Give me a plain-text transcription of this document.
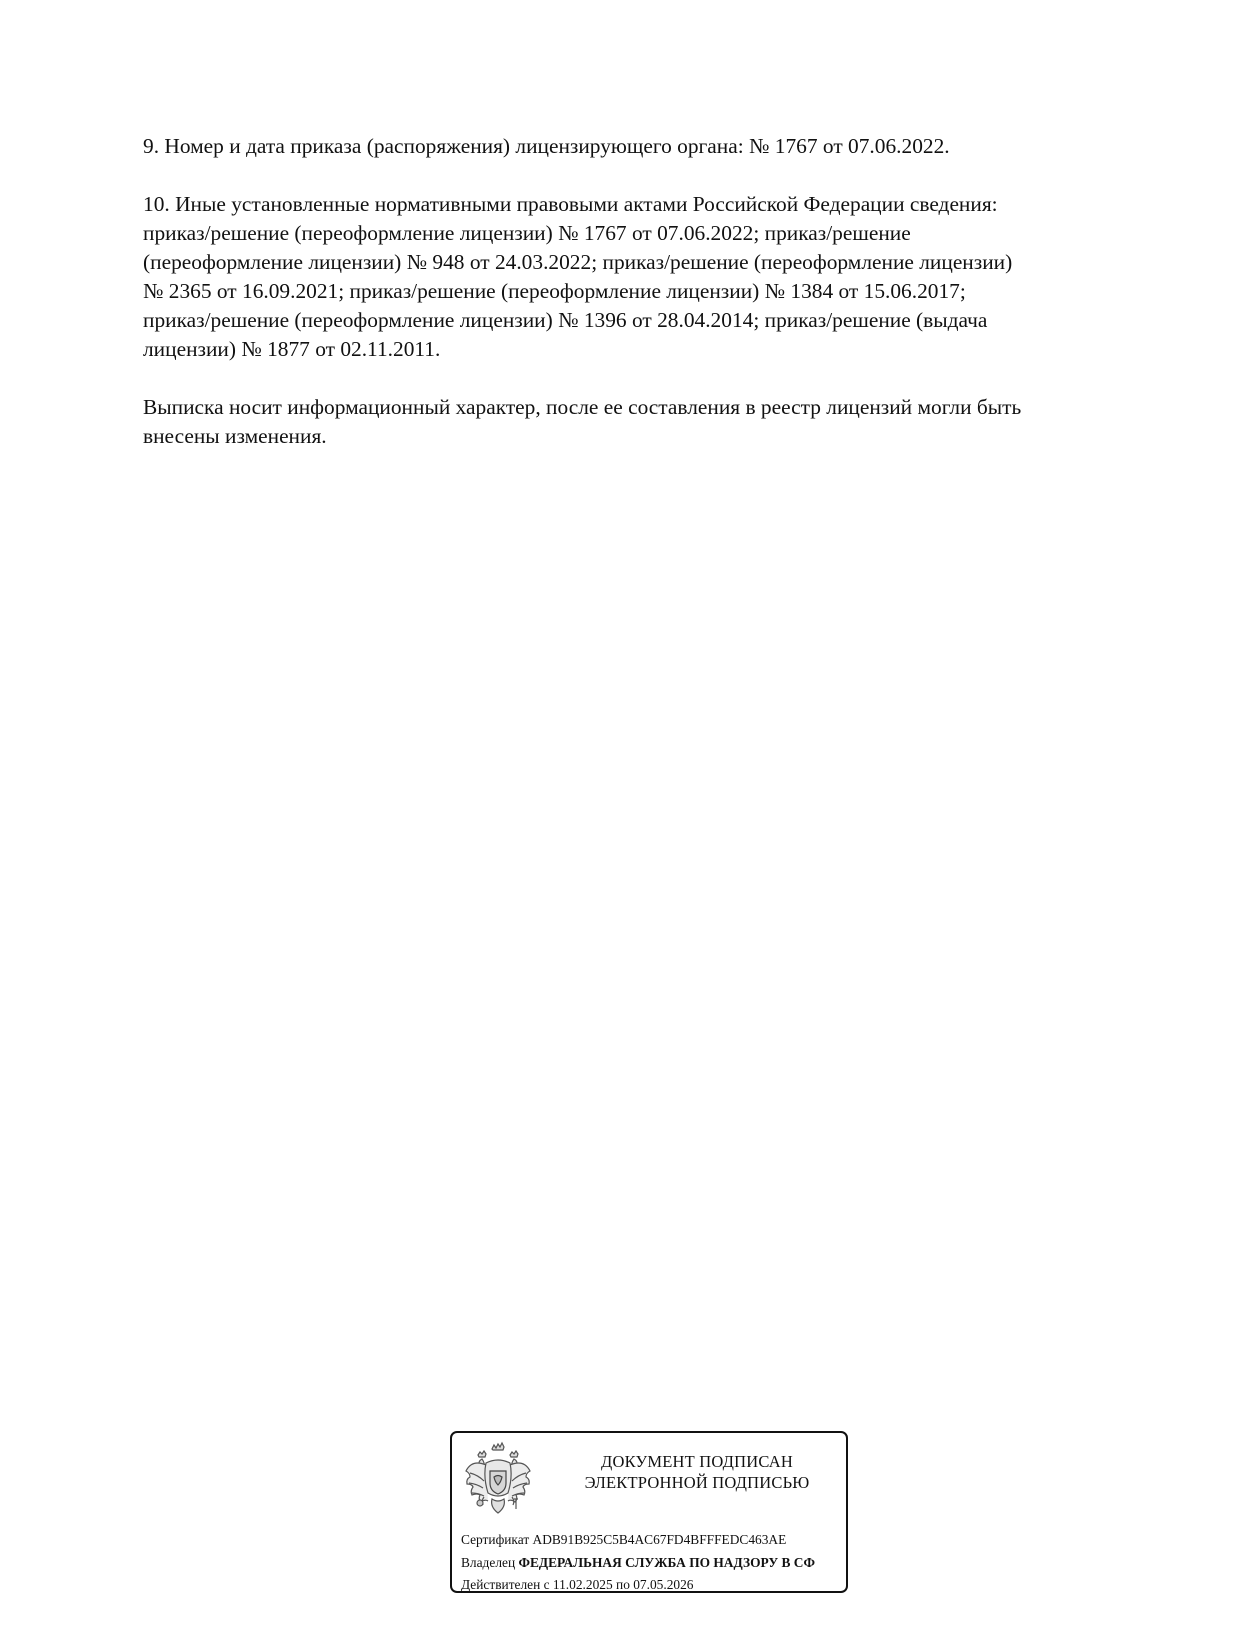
9. Номер и дата приказа (распоряжения) лицензирующего органа: № 1767 от 07.06.2022.

10. Иные установленные нормативными правовыми актами Российской Федерации сведения:
приказ/решение (переоформление лицензии) № 1767 от 07.06.2022; приказ/решение
(переоформление лицензии) № 948 от 24.03.2022; приказ/решение (переоформление лицензии)
№ 2365 от 16.09.2021; приказ/решение (переоформление лицензии) № 1384 от 15.06.2017;
приказ/решение (переоформление лицензии) № 1396 от 28.04.2014; приказ/решение (выдача
лицензии) № 1877 от 02.11.2011.

Выписка носит информационный характер, после ее составления в реестр лицензий могли быть
внесены изменения.

ДОКУМЕНТ ПОДПИСАН
ЭЛЕКТРОННОЙ ПОДПИСЬЮ
Сертификат ADB91B925C5B4AC67FD4BFFFEDC463AE
Владелец ФЕДЕРАЛЬНАЯ СЛУЖБА ПО НАДЗОРУ В СФ
Действителен с 11.02.2025 по 07.05.2026
